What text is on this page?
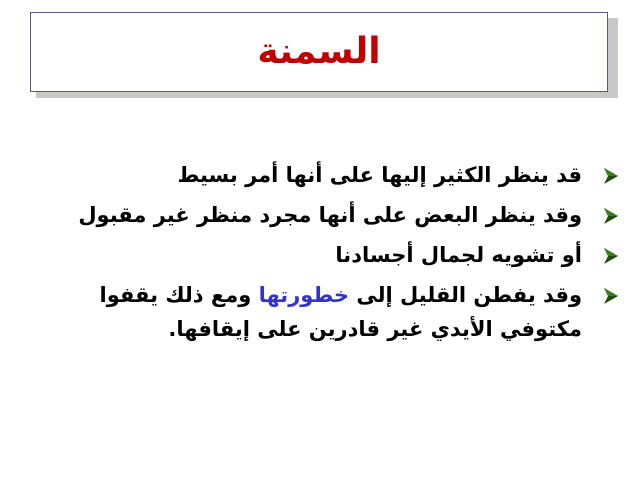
السمنة
قد ينظر الكثير إليها على أنها أمر بسيط
وقد ينظر البعض على أنها مجرد منظر غير مقبول
أو تشويه لجمال أجسادنا
وقد يفطن القليل إلى خطورتها ومع ذلك يقفوا مكتوفي الأيدي غير قادرين على إيقافها.
